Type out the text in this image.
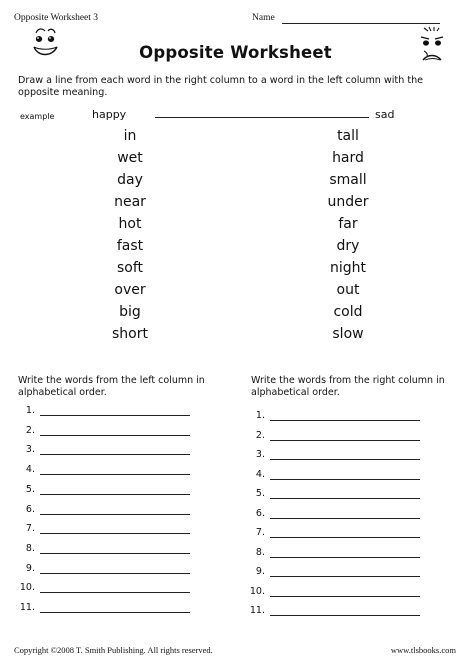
Opposite Worksheet 3	Name
Opposite Worksheet
Draw a line from each word in the right column to a word in the left column with the opposite meaning.
example	happy	sad
in
wet
day
near
hot
fast
soft
over
big
short
tall
hard
small
under
far
dry
night
out
cold
slow
Write the words from the left column in alphabetical order.
Write the words from the right column in alphabetical order.
1.
2.
3.
4.
5.
6.
7.
8.
9.
10.
11.
1.
2.
3.
4.
5.
6.
7.
8.
9.
10.
11.
Copyright ©2008 T. Smith Publishing. All rights reserved.	www.tlsbooks.com
